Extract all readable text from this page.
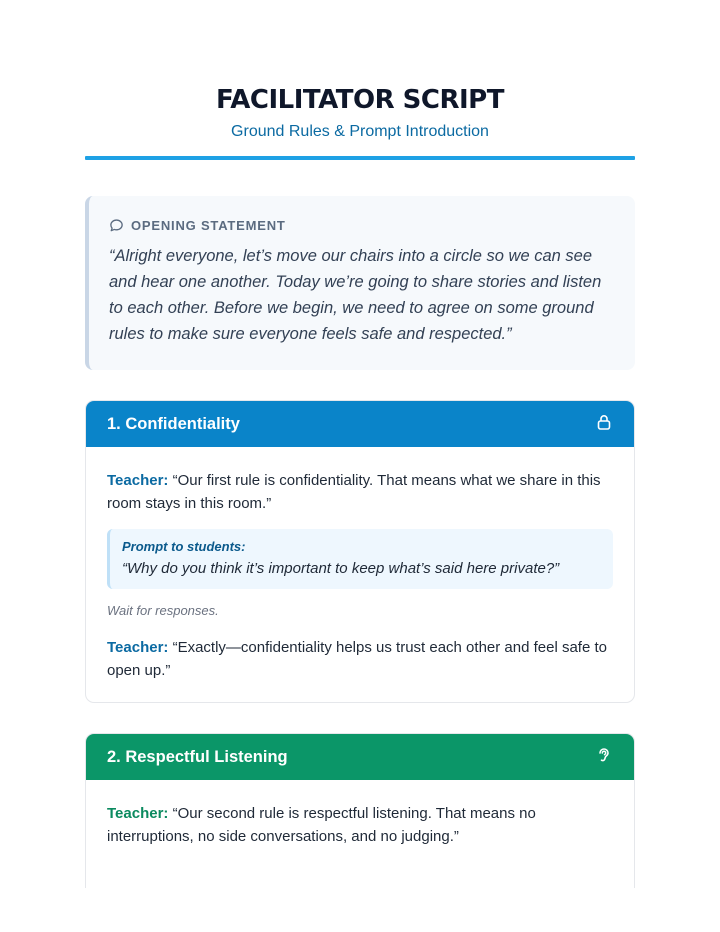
FACILITATOR SCRIPT
Ground Rules & Prompt Introduction
OPENING STATEMENT
“Alright everyone, let’s move our chairs into a circle so we can see and hear one another. Today we’re going to share stories and listen to each other. Before we begin, we need to agree on some ground rules to make sure everyone feels safe and respected.”
1. Confidentiality

Teacher: “Our first rule is confidentiality. That means what we share in this room stays in this room.”

Prompt to students:
“Why do you think it’s important to keep what’s said here private?”
Wait for responses.

Teacher: “Exactly—confidentiality helps us trust each other and feel safe to open up.”

2. Respectful Listening

Teacher: “Our second rule is respectful listening. That means no interruptions, no side conversations, and no judging.”
